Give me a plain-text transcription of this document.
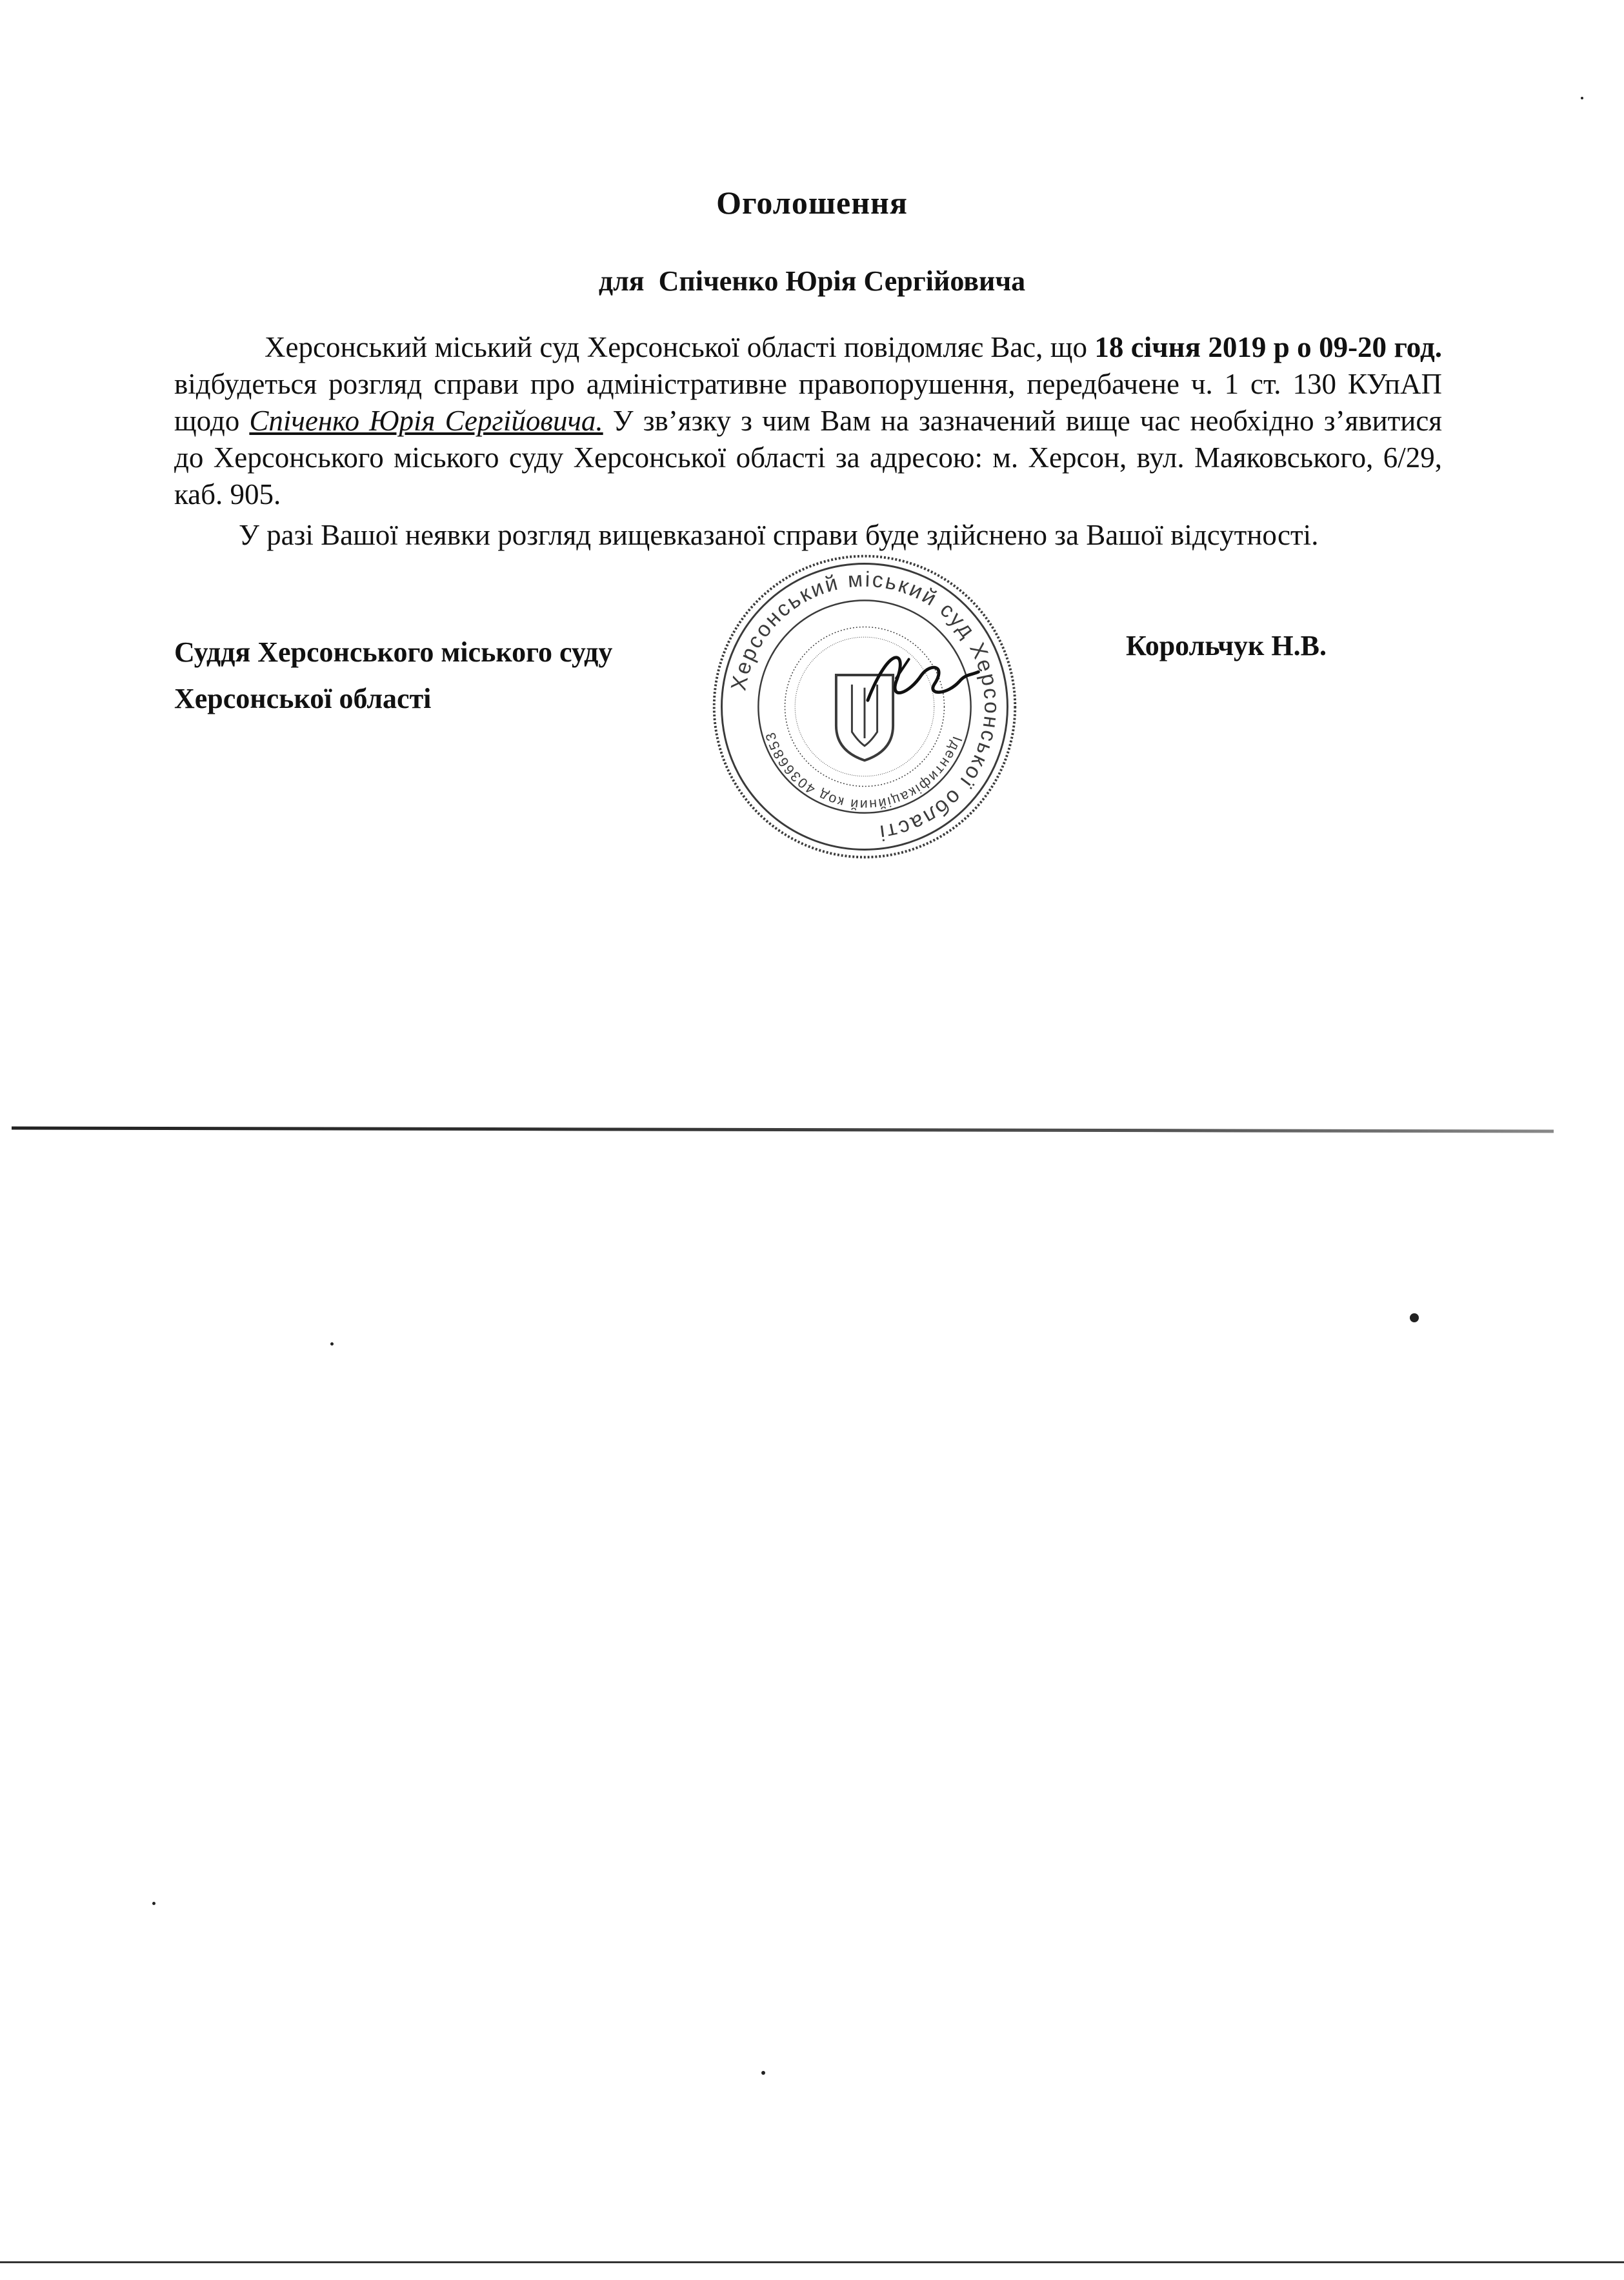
Оголошення
для Спіченко Юрія Сергійовича

Херсонський міський суд Херсонської області повідомляє Вас, що 18 січня 2019 р о 09-20 год. відбудеться розгляд справи про адміністративне правопорушення, передбачене ч. 1 ст. 130 КУпАП щодо Спіченко Юрія Сергійовича. У зв’язку з чим Вам на зазначений вище час необхідно з’явитися до Херсонського міського суду Херсонської області за адресою: м. Херсон, вул. Маяковського, 6/29, каб. 905.

У разі Вашої неявки розгляд вищевказаної справи буде здійснено за Вашої відсутності.

Суддя Херсонського міського суду
Херсонської області
Корольчук Н.В.
Херсонський міський суд Херсонської області
Ідентифікаційний код 40366853
